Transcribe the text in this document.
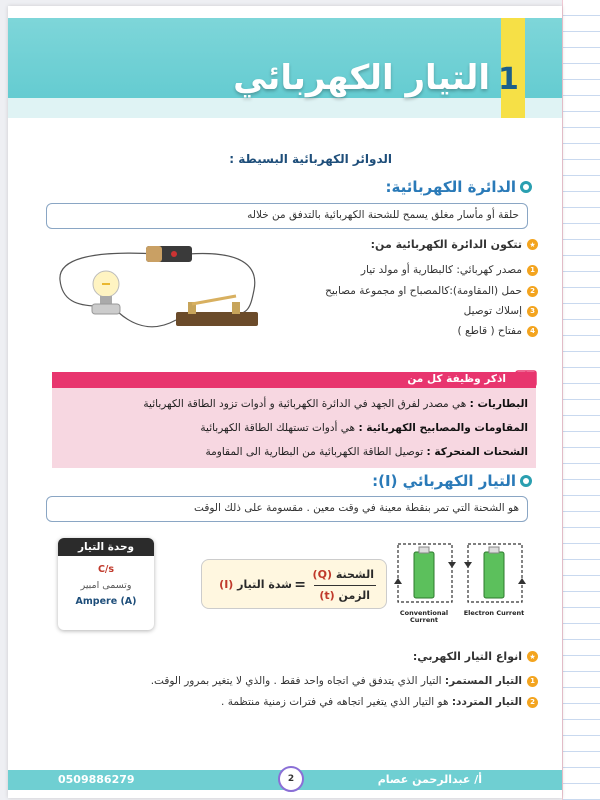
1
التيار الكهربائي
الدوائر الكهربائية البسيطة :
الدائرة الكهربائية:
حلقة أو مأسار مغلق يسمح للشحنة الكهربائية بالتدفق من خلاله
★
تتكون الدائرة الكهربائية من:
1
مصدر كهربائي: كالبطارية أو مولد تيار
2
حمل (المقاومة):كالمصباح او مجموعة مصابيح
3
إسلاك توصيل
4
مفتاح ( قاطع )
اذكر وظيفة كل من
البطاريات : هي مصدر لفرق الجهد في الدائرة الكهربائية و أدوات تزود الطاقة الكهربائية
المقاومات والمصابيح الكهربائية : هي أدوات تستهلك الطاقة الكهربائية
الشحنات المتحركة : توصيل الطاقة الكهربائية من البطارية الى المقاومة
التيار الكهربائي (I):
هو الشحنة التي تمر بنقطة معينة في وقت معين . مقسومة على ذلك الوقت
وحدة التيار
C/s
وتسمى امبير
Ampere (A)
الشحنة (Q)
الزمن (t)
=
شدة التيار (I)
Conventional Current
Electron Current
★
انواع التيار الكهربي:
1
التيار المستمر: التيار الذي يتدفق في اتجاه واحد فقط . والذي لا يتغير بمرور الوقت.
2
التيار المتردد: هو التيار الذي يتغير اتجاهه في فترات زمنية منتظمة .
أ/ عبدالرحمن عصام
0509886279	2
